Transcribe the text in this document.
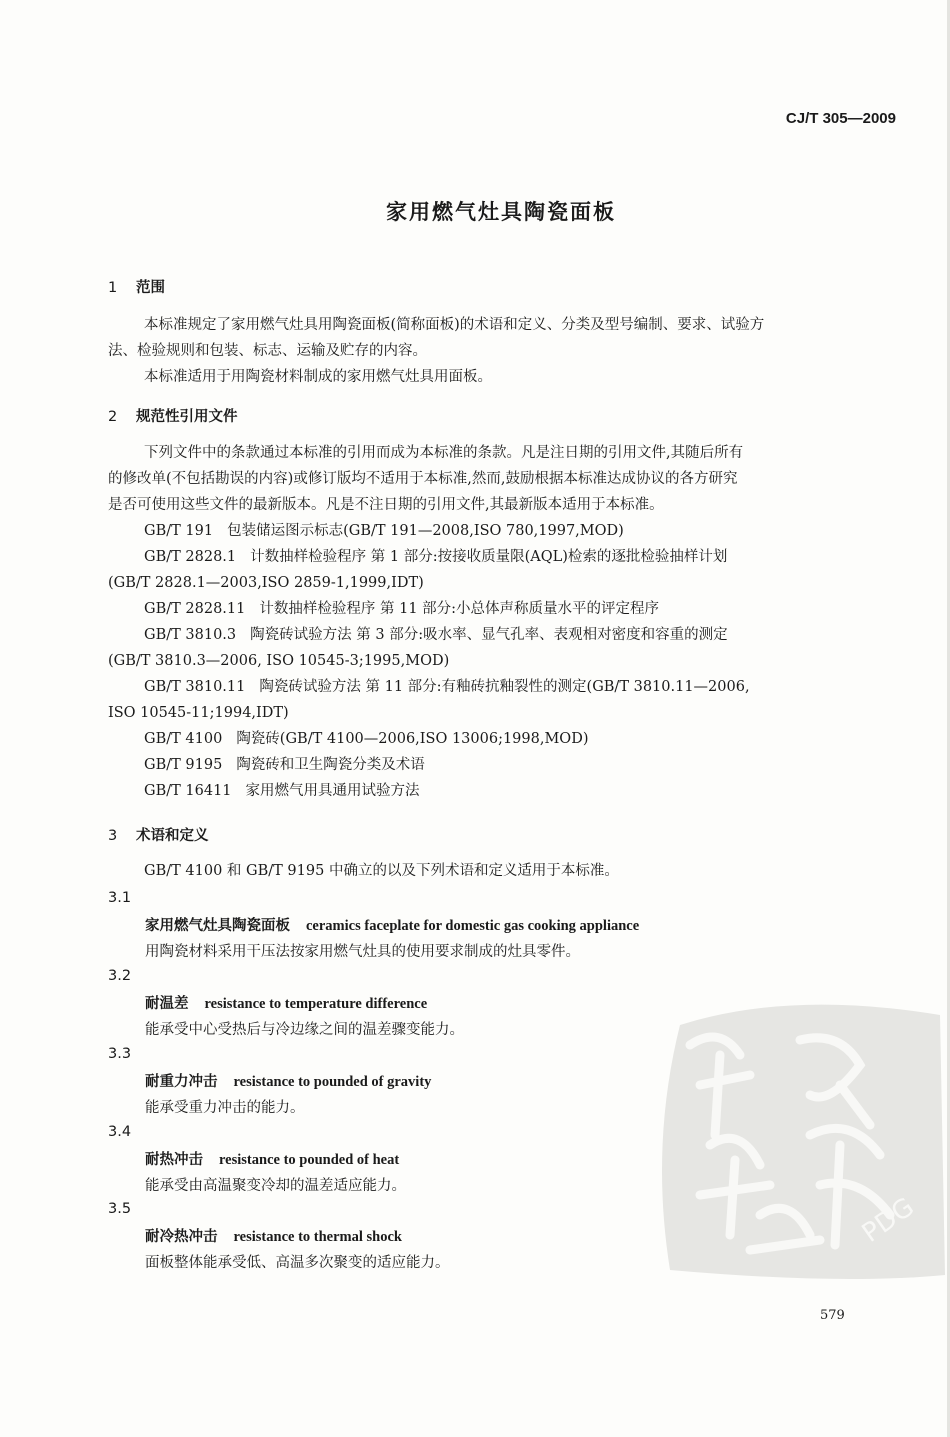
CJ/T 305—2009
家用燃气灶具陶瓷面板
1 范围

本标准规定了家用燃气灶具用陶瓷面板(简称面板)的术语和定义、分类及型号编制、要求、试验方

法、检验规则和包装、标志、运输及贮存的内容。

本标准适用于用陶瓷材料制成的家用燃气灶具用面板。

2 规范性引用文件

下列文件中的条款通过本标准的引用而成为本标准的条款。凡是注日期的引用文件,其随后所有

的修改单(不包括勘误的内容)或修订版均不适用于本标准,然而,鼓励根据本标准达成协议的各方研究

是否可使用这些文件的最新版本。凡是不注日期的引用文件,其最新版本适用于本标准。

GB/T 191 包装储运图示标志(GB/T 191—2008,ISO 780,1997,MOD)

GB/T 2828.1 计数抽样检验程序 第 1 部分:按接收质量限(AQL)检索的逐批检验抽样计划
(GB/T 2828.1—2003,ISO 2859-1,1999,IDT)

GB/T 2828.11 计数抽样检验程序 第 11 部分:小总体声称质量水平的评定程序

GB/T 3810.3 陶瓷砖试验方法 第 3 部分:吸水率、显气孔率、表观相对密度和容重的测定
(GB/T 3810.3—2006, ISO 10545-3;1995,MOD)

GB/T 3810.11 陶瓷砖试验方法 第 11 部分:有釉砖抗釉裂性的测定(GB/T 3810.11—2006,
ISO 10545-11;1994,IDT)

GB/T 4100 陶瓷砖(GB/T 4100—2006,ISO 13006;1998,MOD)

GB/T 9195 陶瓷砖和卫生陶瓷分类及术语

GB/T 16411 家用燃气用具通用试验方法

3 术语和定义

GB/T 4100 和 GB/T 9195 中确立的以及下列术语和定义适用于本标准。

3.1
家用燃气灶具陶瓷面板 ceramics faceplate for domestic gas cooking appliance
用陶瓷材料采用干压法按家用燃气灶具的使用要求制成的灶具零件。
3.2
耐温差 resistance to temperature difference
能承受中心受热后与冷边缘之间的温差骤变能力。
3.3
耐重力冲击 resistance to pounded of gravity
能承受重力冲击的能力。
3.4
耐热冲击 resistance to pounded of heat
能承受由高温聚变冷却的温差适应能力。
3.5
耐冷热冲击 resistance to thermal shock
面板整体能承受低、高温多次聚变的适应能力。
PDG
579
